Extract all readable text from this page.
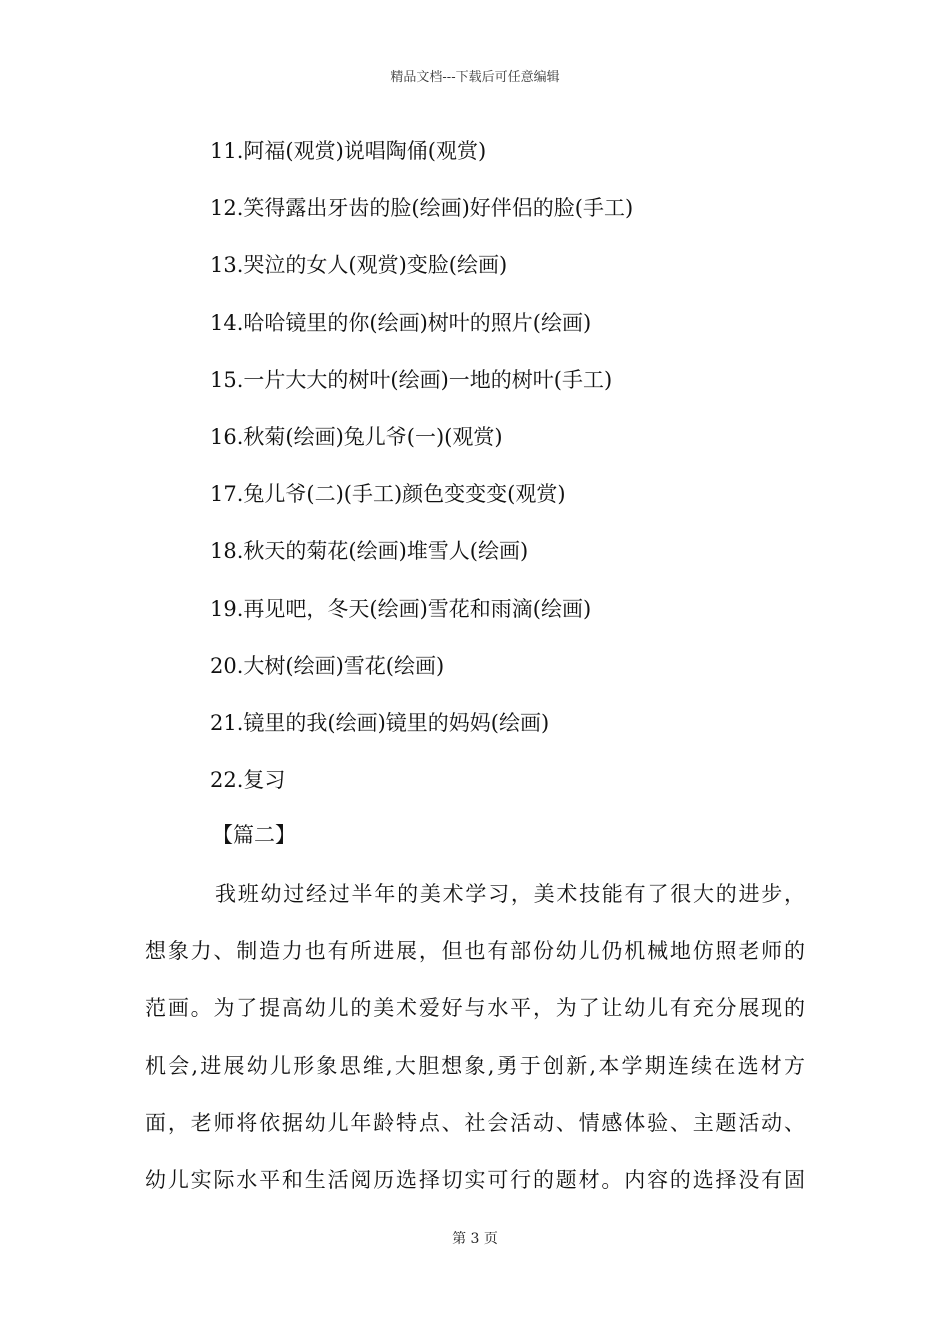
精品文档---下载后可任意编辑
11.阿福(观赏)说唱陶俑(观赏)
12.笑得露出牙齿的脸(绘画)好伴侣的脸(手工)
13.哭泣的女人(观赏)变脸(绘画)
14.哈哈镜里的你(绘画)树叶的照片(绘画)
15.一片大大的树叶(绘画)一地的树叶(手工)
16.秋菊(绘画)兔儿爷(一)(观赏)
17.兔儿爷(二)(手工)颜色变变变(观赏)
18.秋天的菊花(绘画)堆雪人(绘画)
19.再见吧，冬天(绘画)雪花和雨滴(绘画)
20.大树(绘画)雪花(绘画)
21.镜里的我(绘画)镜里的妈妈(绘画)
22.复习
【篇二】
我班幼过经过半年的美术学习，美术技能有了很大的进步，
想象力、制造力也有所进展，但也有部份幼儿仍机械地仿照老师的
范画。为了提高幼儿的美术爱好与水平，为了让幼儿有充分展现的
机会,进展幼儿形象思维,大胆想象,勇于创新,本学期连续在选材方
面，老师将依据幼儿年龄特点、社会活动、情感体验、主题活动、
幼儿实际水平和生活阅历选择切实可行的题材。内容的选择没有固
第 3 页
